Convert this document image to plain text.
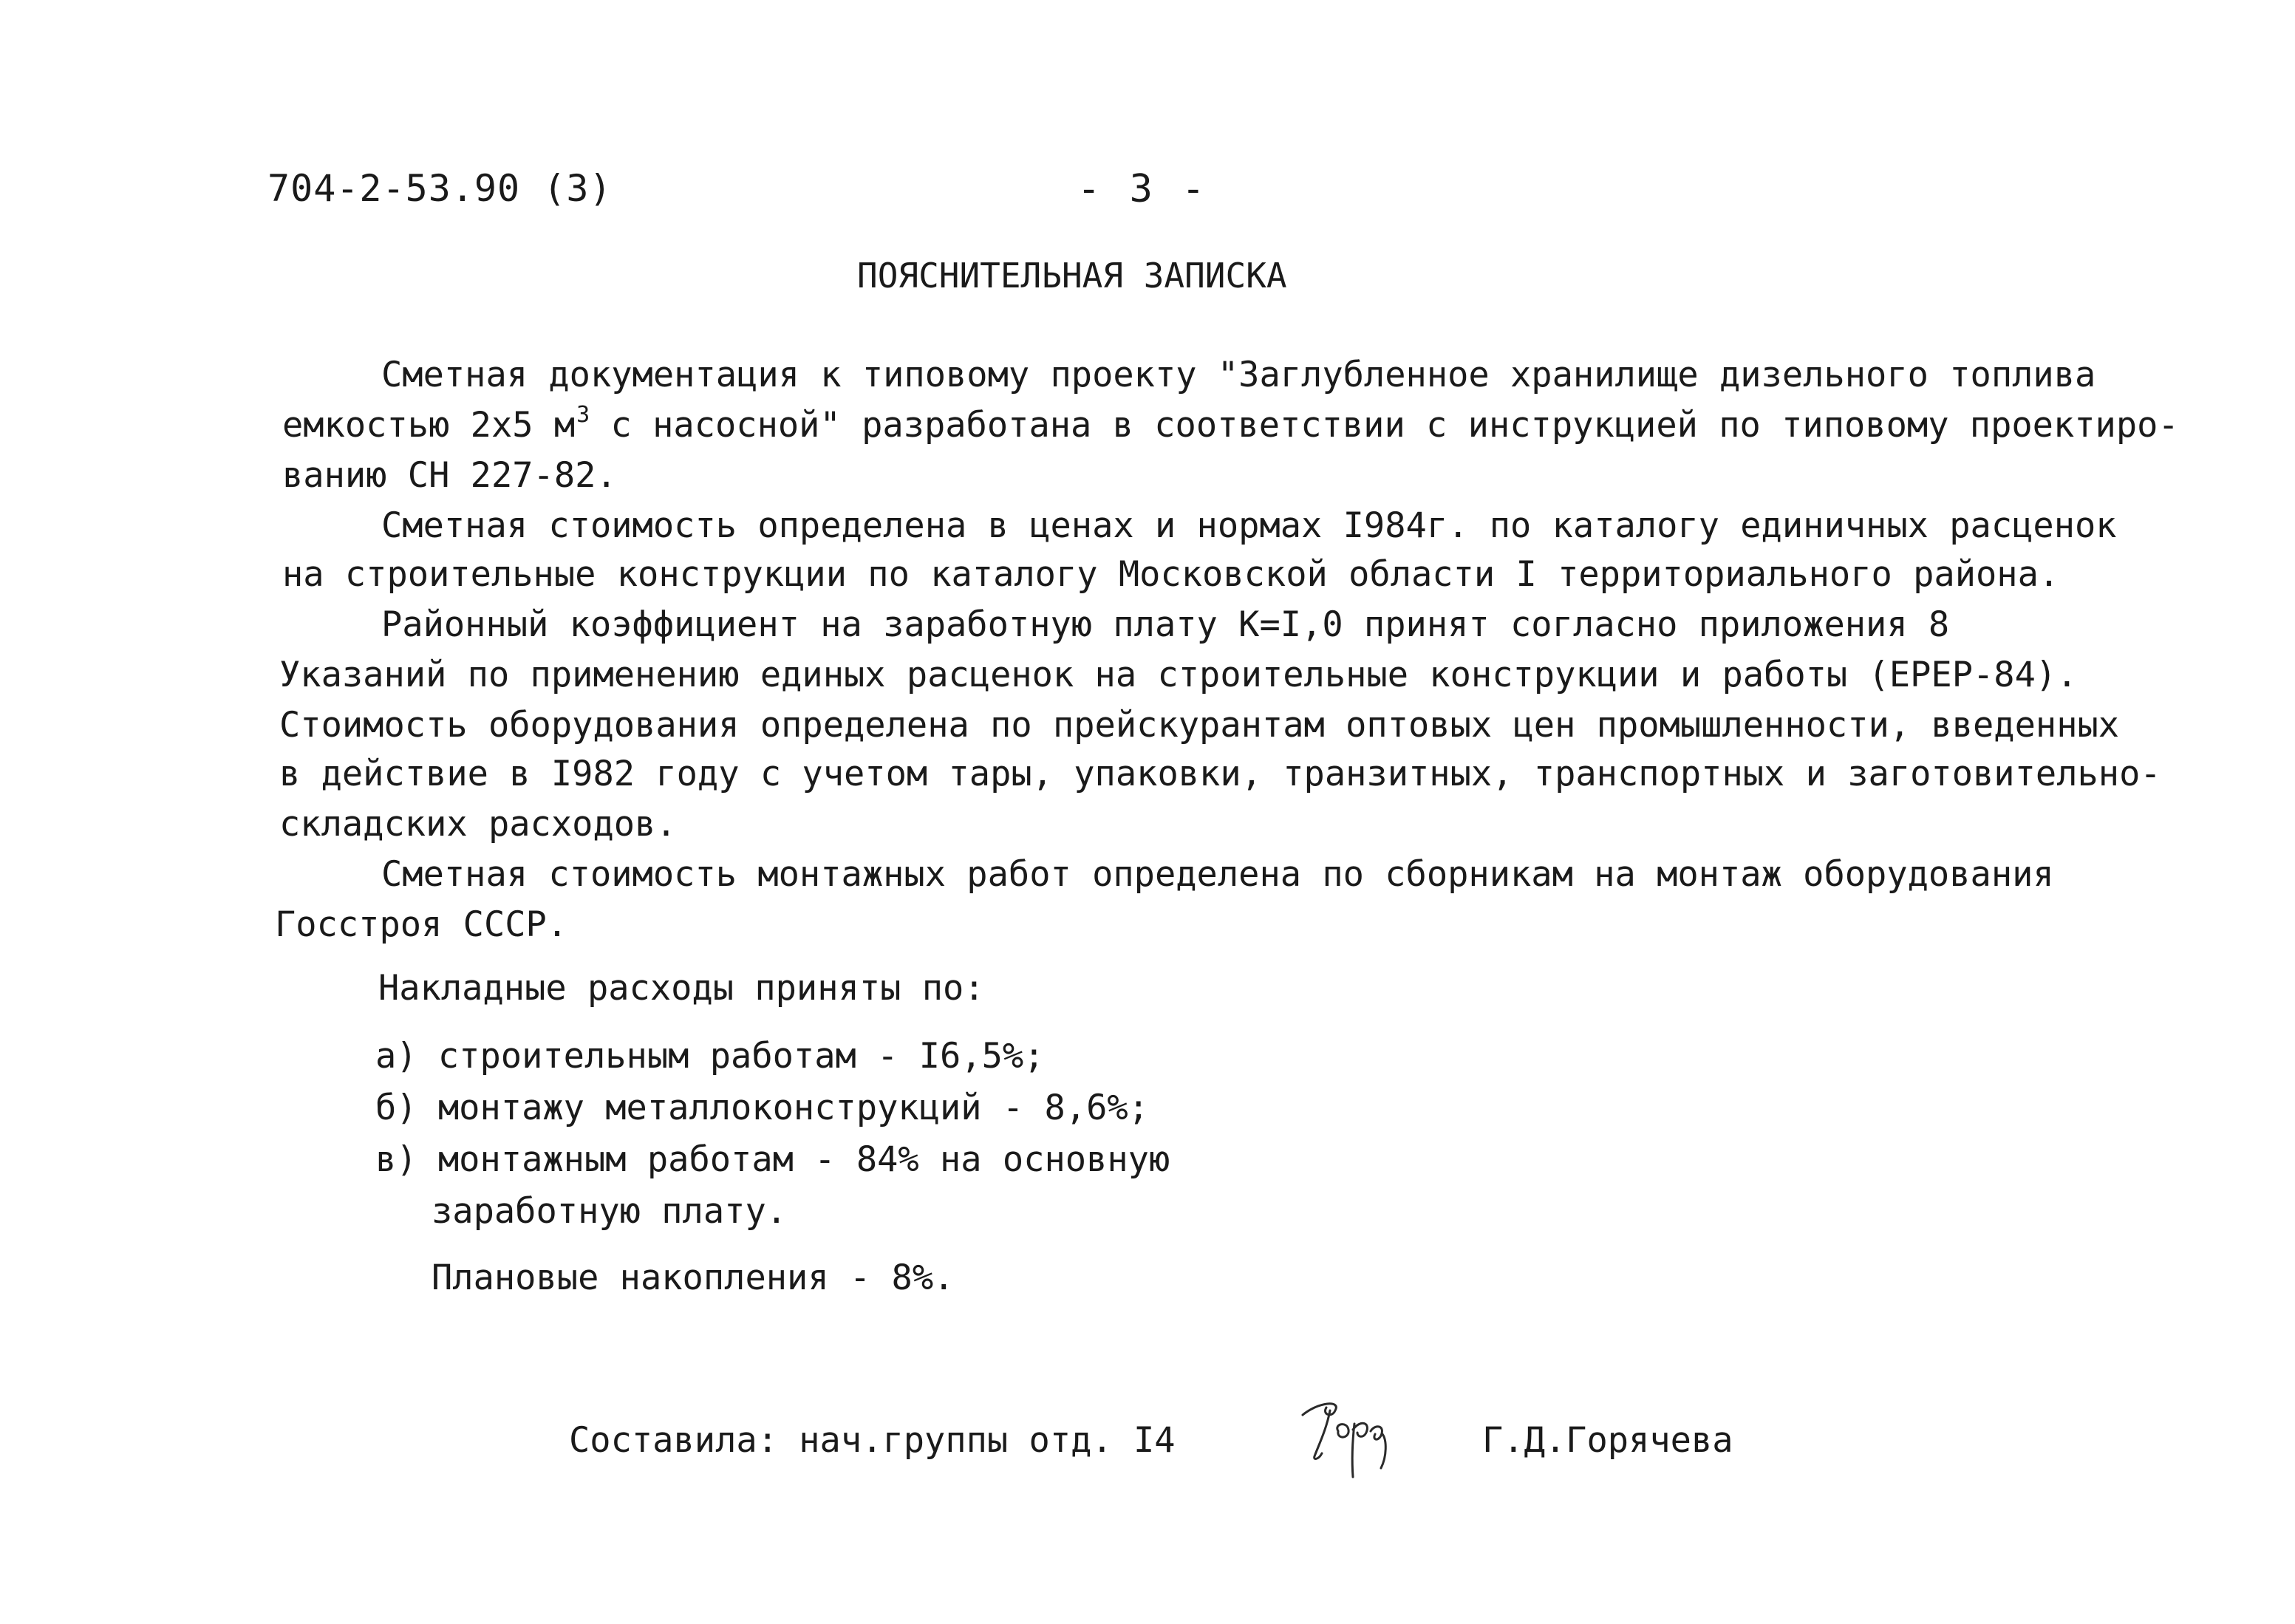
704-2-53.90 (3)	- 3 -
ПОЯСНИТЕЛЬНАЯ ЗАПИСКА
Сметная документация к типовому проекту "Заглубленное хранилище дизельного топлива
емкостью 2х5 $м^3$ с насосной" разработана в соответствии с инструкцией по типовому проектиро-
ванию СН 227-82.
Сметная стоимость определена в ценах и нормах I984г. по каталогу единичных расценок
на строительные конструкции по каталогу Московской области I территориального района.
Районный коэффициент на заработную плату К=I,0 принят согласно приложения 8
Указаний по применению единых расценок на строительные конструкции и работы (ЕРЕР-84).
Стоимость оборудования определена по прейскурантам оптовых цен промышленности, введенных
в действие в I982 году с учетом тары, упаковки, транзитных, транспортных и заготовительно-
складских расходов.
Сметная стоимость монтажных работ определена по сборникам на монтаж оборудования
Госстроя СССР.
Накладные расходы приняты по:
а) строительным работам - I6,5%;
б) монтажу металлоконструкций - 8,6%;
в) монтажным работам - 84% на основную
заработную плату.
Плановые накопления - 8%.
Составила: нач.группы отд. I4	Г.Д.Горячева
